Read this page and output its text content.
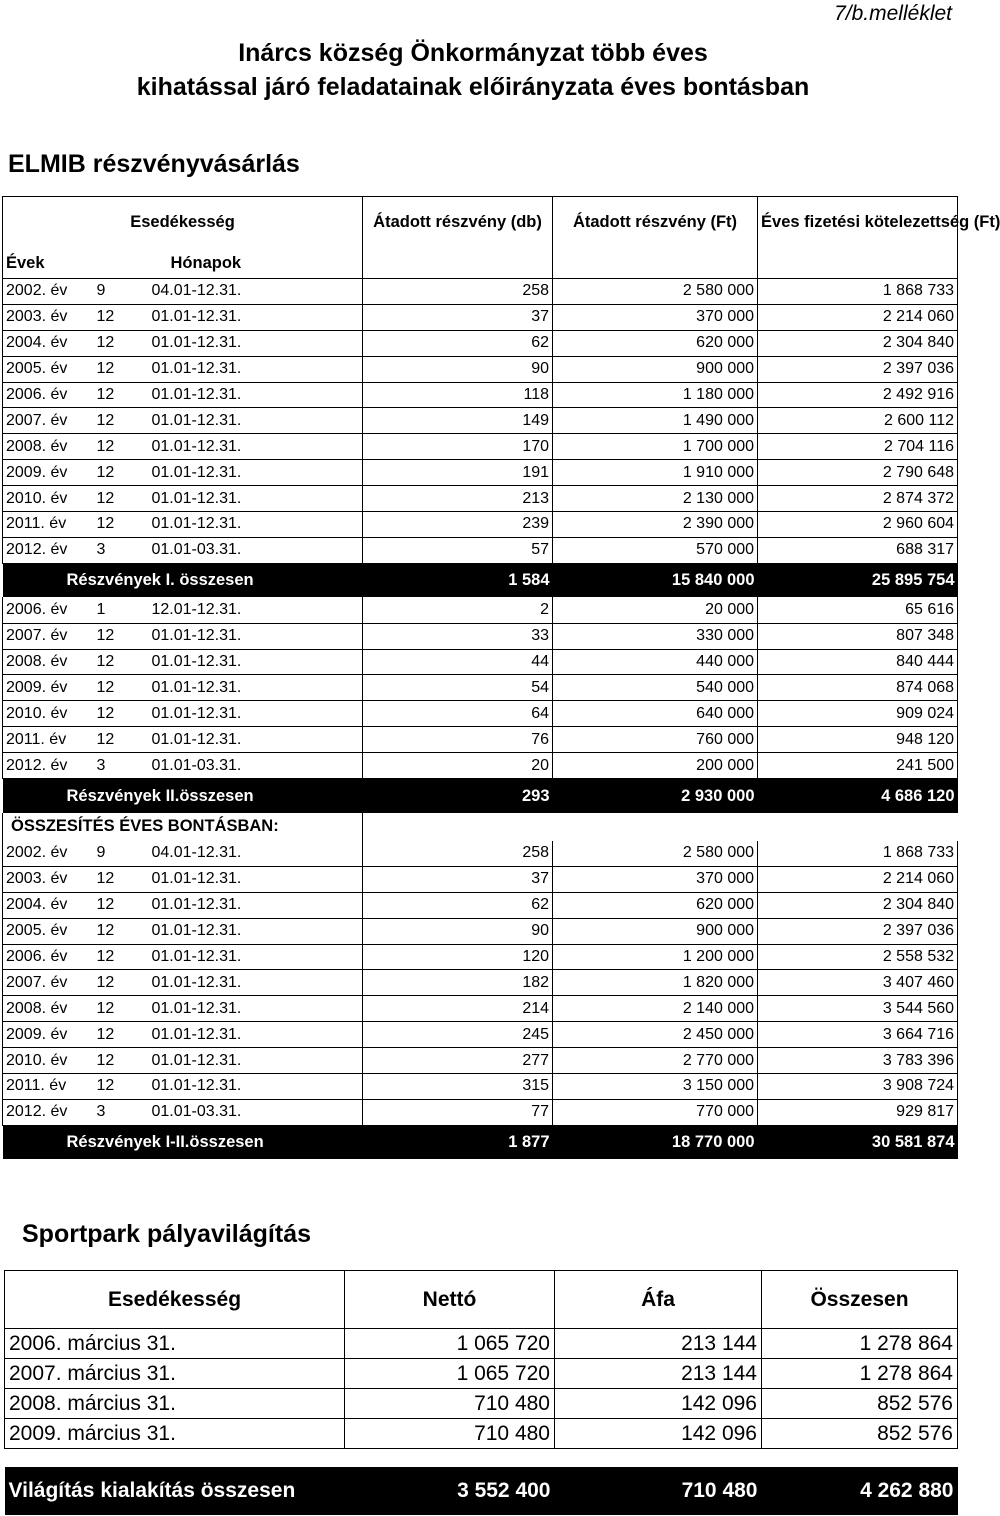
7/b.melléklet
Inárcs község Önkormányzat több éves
kihatással járó feladatainak előirányzata éves bontásban
ELMIB részvényvásárlás
Esedékesség			Átadott részvény (db)	Átadott részvény (Ft)	Éves fizetési kötelezettség (Ft)
Évek		Hónapok			
2002. év	9	04.01-12.31.	258	2 580 000	1 868 733
2003. év	12	01.01-12.31.	37	370 000	2 214 060
2004. év	12	01.01-12.31.	62	620 000	2 304 840
2005. év	12	01.01-12.31.	90	900 000	2 397 036
2006. év	12	01.01-12.31.	118	1 180 000	2 492 916
2007. év	12	01.01-12.31.	149	1 490 000	2 600 112
2008. év	12	01.01-12.31.	170	1 700 000	2 704 116
2009. év	12	01.01-12.31.	191	1 910 000	2 790 648
2010. év	12	01.01-12.31.	213	2 130 000	2 874 372
2011. év	12	01.01-12.31.	239	2 390 000	2 960 604
2012. év	3	01.01-03.31.	57	570 000	688 317
Részvények I. összesen			1 584	15 840 000	25 895 754
2006. év	1	12.01-12.31.	2	20 000	65 616
2007. év	12	01.01-12.31.	33	330 000	807 348
2008. év	12	01.01-12.31.	44	440 000	840 444
2009. év	12	01.01-12.31.	54	540 000	874 068
2010. év	12	01.01-12.31.	64	640 000	909 024
2011. év	12	01.01-12.31.	76	760 000	948 120
2012. év	3	01.01-03.31.	20	200 000	241 500
Részvények II.összesen			293	2 930 000	4 686 120
ÖSSZESÍTÉS ÉVES BONTÁSBAN:					
2002. év	9	04.01-12.31.	258	2 580 000	1 868 733
2003. év	12	01.01-12.31.	37	370 000	2 214 060
2004. év	12	01.01-12.31.	62	620 000	2 304 840
2005. év	12	01.01-12.31.	90	900 000	2 397 036
2006. év	12	01.01-12.31.	120	1 200 000	2 558 532
2007. év	12	01.01-12.31.	182	1 820 000	3 407 460
2008. év	12	01.01-12.31.	214	2 140 000	3 544 560
2009. év	12	01.01-12.31.	245	2 450 000	3 664 716
2010. év	12	01.01-12.31.	277	2 770 000	3 783 396
2011. év	12	01.01-12.31.	315	3 150 000	3 908 724
2012. év	3	01.01-03.31.	77	770 000	929 817
Részvények I-II.összesen			1 877	18 770 000	30 581 874
Sportpark pályavilágítás
Esedékesség	Nettó	Áfa	Összesen
2006. március 31.	1 065 720	213 144	1 278 864
2007. március 31.	1 065 720	213 144	1 278 864
2008. március 31.	710 480	142 096	852 576
2009. március 31.	710 480	142 096	852 576

Világítás kialakítás összesen	3 552 400	710 480	4 262 880
